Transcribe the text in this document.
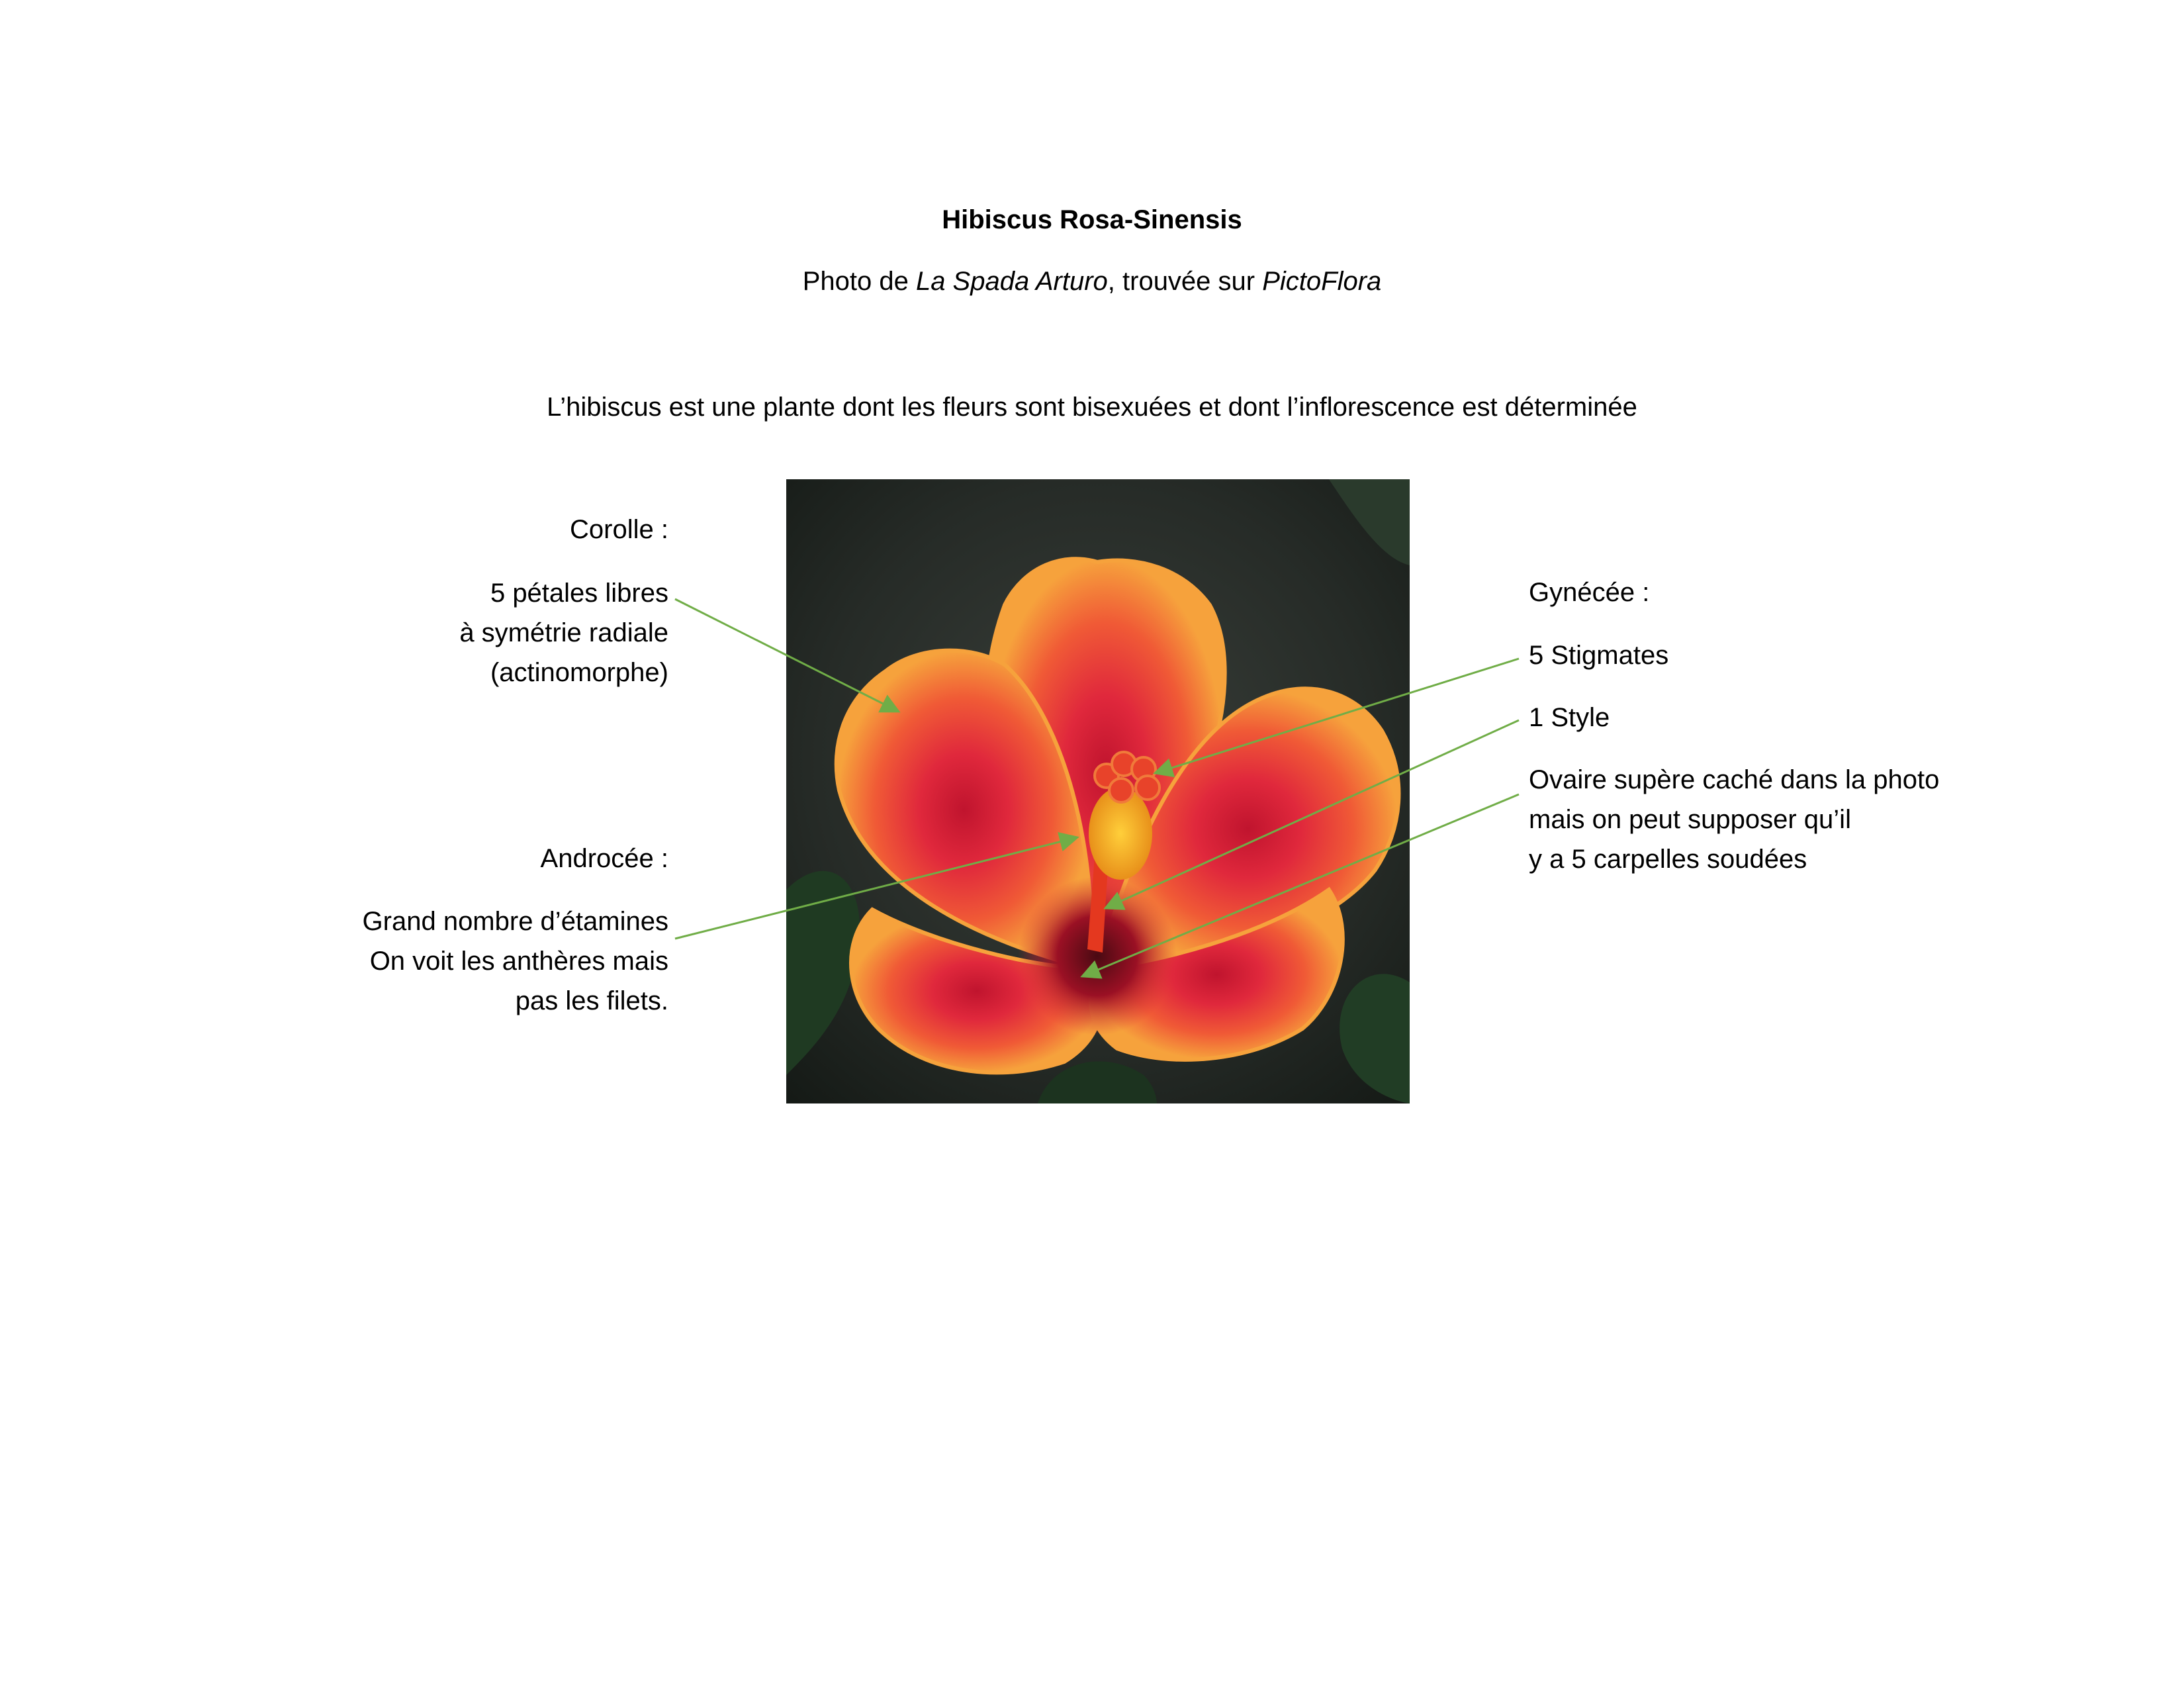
Hibiscus Rosa-Sinensis
Photo de La Spada Arturo, trouvée sur PictoFlora
L’hibiscus est une plante dont les fleurs sont bisexuées et dont l’inflorescence est déterminée
Corolle :
5 pétales libres
à symétrie radiale
(actinomorphe)
Androcée :
Grand nombre d’étamines
On voit les anthères mais
pas les filets.
Gynécée :
5 Stigmates
1 Style
Ovaire supère caché dans la photo
mais on peut supposer qu’il
y a 5 carpelles soudées
